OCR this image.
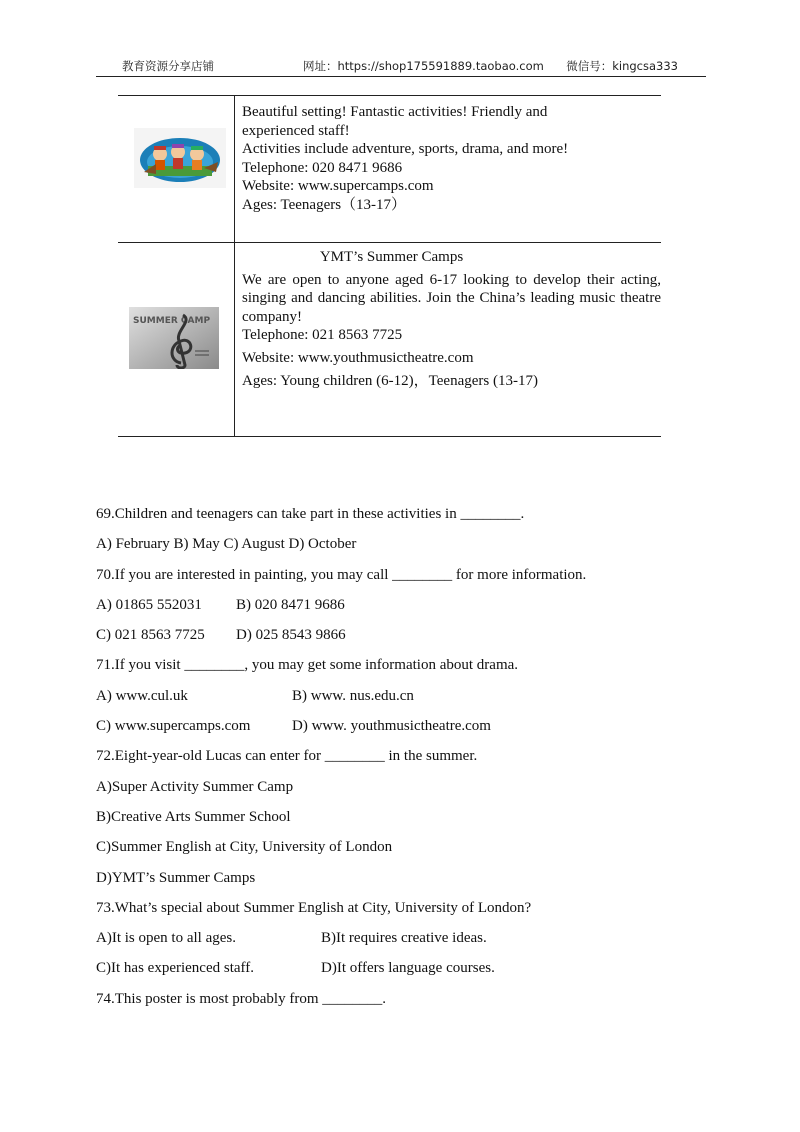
教育资源分享店铺	网址：https://shop175591889.taobao.com 微信号：kingcsa333

Beautiful setting! Fantastic activities! Friendly and

experienced staff!

Activities include adventure, sports, drama, and more!

Telephone: 020 8471 9686

Website: www.supercamps.com

Ages: Teenagers（13-17）

SUMMER CAMP

YMT’s Summer Camps

We are open to anyone aged 6-17 looking to develop their acting, singing and dancing abilities. Join the China’s leading music theatre company!

Telephone: 021 8563 7725

Website: www.youthmusictheatre.com

Ages: Young children (6-12)，Teenagers (13-17)

69.Children and teenagers can take part in these activities in ________.
A) February B) May C) August D) October
70.If you are interested in painting, you may call ________ for more information.
A) 01865 552031 B) 020 8471 9686
C) 021 8563 7725 D) 025 8543 9866
71.If you visit ________, you may get some information about drama.
A) www.cul.uk	B) www. nus.edu.cn
C) www.supercamps.com	D) www. youthmusictheatre.com
72.Eight-year-old Lucas can enter for ________ in the summer.
A)Super Activity Summer Camp
B)Creative Arts Summer School
C)Summer English at City, University of London
D)YMT’s Summer Camps
73.What’s special about Summer English at City, University of London?
A)It is open to all ages.	B)It requires creative ideas.
C)It has experienced staff.	D)It offers language courses.
74.This poster is most probably from ________.
